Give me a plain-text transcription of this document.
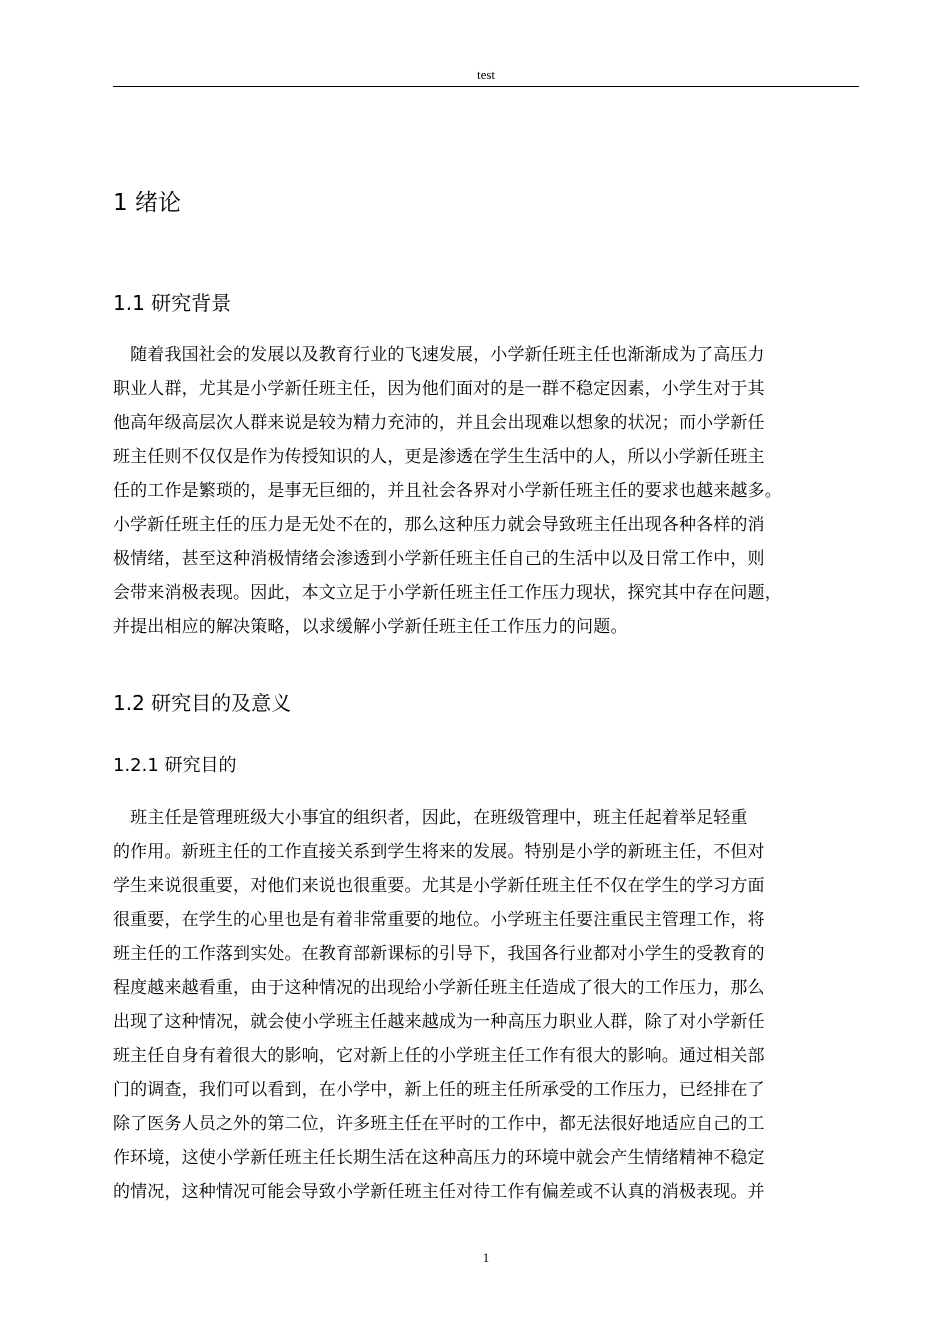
test
1 绪论
1.1 研究背景
　随着我国社会的发展以及教育行业的飞速发展，小学新任班主任也渐渐成为了高压力
职业人群，尤其是小学新任班主任，因为他们面对的是一群不稳定因素，小学生对于其
他高年级高层次人群来说是较为精力充沛的，并且会出现难以想象的状况；而小学新任
班主任则不仅仅是作为传授知识的人，更是渗透在学生生活中的人，所以小学新任班主
任的工作是繁琐的，是事无巨细的，并且社会各界对小学新任班主任的要求也越来越多。
小学新任班主任的压力是无处不在的，那么这种压力就会导致班主任出现各种各样的消
极情绪，甚至这种消极情绪会渗透到小学新任班主任自己的生活中以及日常工作中，则
会带来消极表现。因此，本文立足于小学新任班主任工作压力现状，探究其中存在问题，
并提出相应的解决策略，以求缓解小学新任班主任工作压力的问题。
1.2 研究目的及意义
1.2.1 研究目的
　班主任是管理班级大小事宜的组织者，因此，在班级管理中，班主任起着举足轻重
的作用。新班主任的工作直接关系到学生将来的发展。特别是小学的新班主任，不但对
学生来说很重要，对他们来说也很重要。尤其是小学新任班主任不仅在学生的学习方面
很重要，在学生的心里也是有着非常重要的地位。小学班主任要注重民主管理工作，将
班主任的工作落到实处。在教育部新课标的引导下，我国各行业都对小学生的受教育的
程度越来越看重，由于这种情况的出现给小学新任班主任造成了很大的工作压力，那么
出现了这种情况，就会使小学班主任越来越成为一种高压力职业人群，除了对小学新任
班主任自身有着很大的影响，它对新上任的小学班主任工作有很大的影响。通过相关部
门的调查，我们可以看到，在小学中，新上任的班主任所承受的工作压力，已经排在了
除了医务人员之外的第二位，许多班主任在平时的工作中，都无法很好地适应自己的工
作环境，这使小学新任班主任长期生活在这种高压力的环境中就会产生情绪精神不稳定
的情况，这种情况可能会导致小学新任班主任对待工作有偏差或不认真的消极表现。并
1
